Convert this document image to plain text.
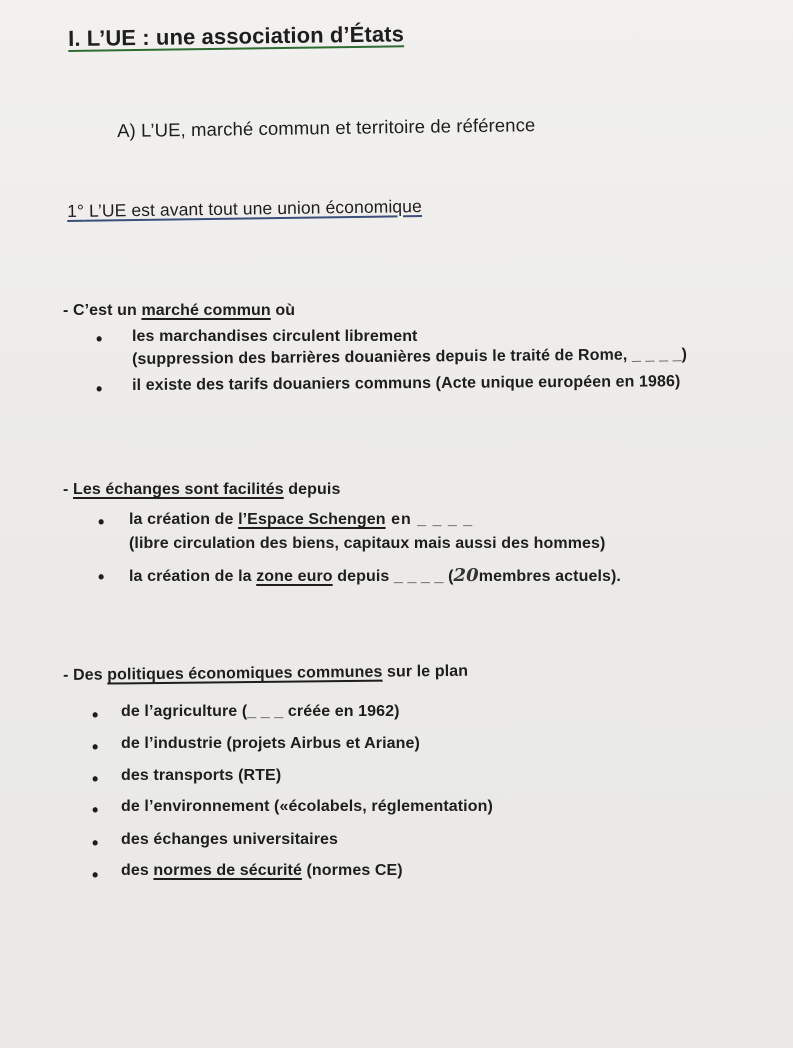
I. L’UE : une association d’États
A) L’UE, marché commun et territoire de référence
1° L’UE est avant tout une union économique
- C’est un marché commun où
• les marchandises circulent librement
(suppression des barrières douanières depuis le traité de Rome, _ _ _ _)
• il existe des tarifs douaniers communs (Acte unique européen en 1986)
- Les échanges sont facilités depuis
• la création de l’Espace Schengen en _ _ _ _
(libre circulation des biens, capitaux mais aussi des hommes)
• la création de la zone euro depuis _ _ _ _ (20membres actuels).
- Des politiques économiques communes sur le plan
• de l’agriculture (_ _ _ créée en 1962)
• de l’industrie (projets Airbus et Ariane)
• des transports (RTE)
• de l’environnement («écolabels, réglementation)
• des échanges universitaires
• des normes de sécurité (normes CE)
